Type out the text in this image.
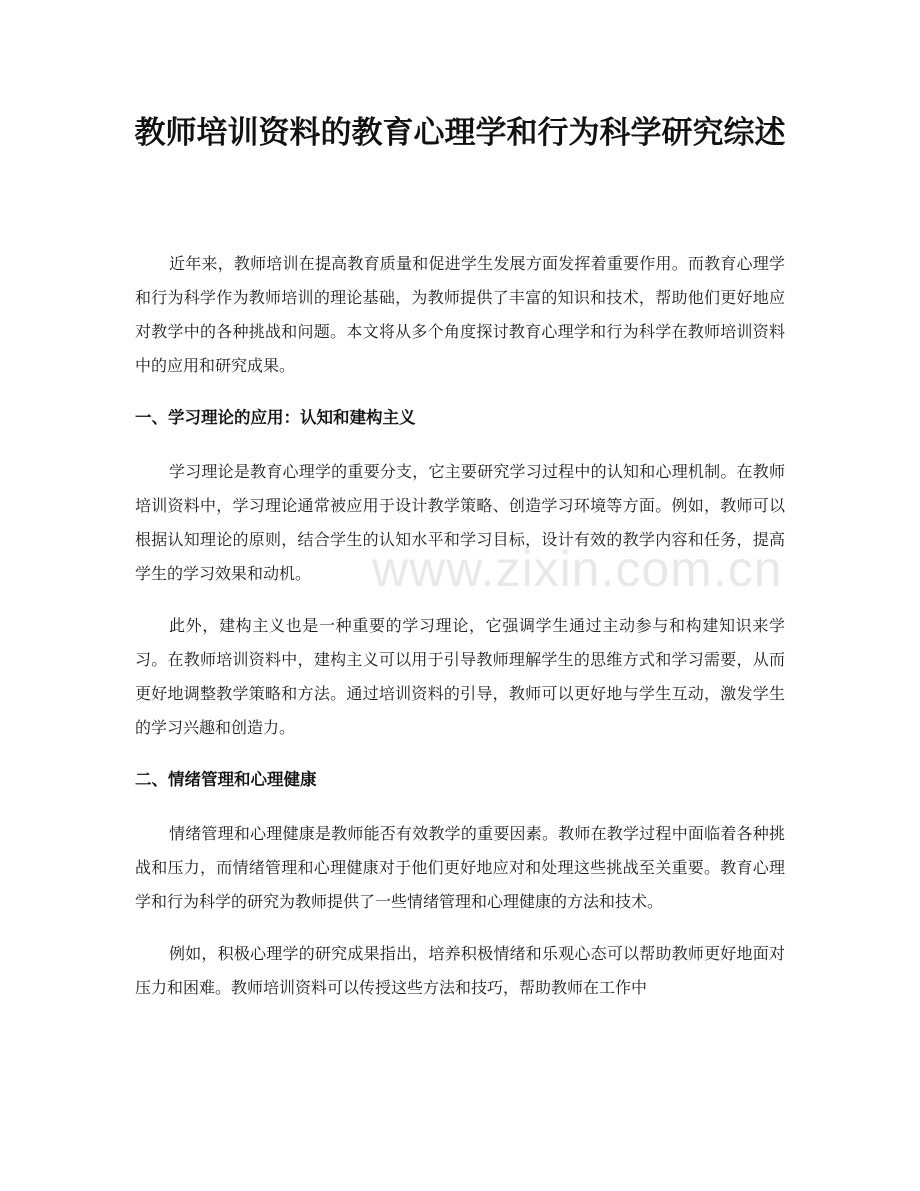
教师培训资料的教育心理学和行为科学研究综述

近年来，教师培训在提高教育质量和促进学生发展方面发挥着重要作用。而教育心理学和行为科学作为教师培训的理论基础，为教师提供了丰富的知识和技术，帮助他们更好地应对教学中的各种挑战和问题。本文将从多个角度探讨教育心理学和行为科学在教师培训资料中的应用和研究成果。

一、学习理论的应用：认知和建构主义

学习理论是教育心理学的重要分支，它主要研究学习过程中的认知和心理机制。在教师培训资料中，学习理论通常被应用于设计教学策略、创造学习环境等方面。例如，教师可以根据认知理论的原则，结合学生的认知水平和学习目标，设计有效的教学内容和任务，提高学生的学习效果和动机。

此外，建构主义也是一种重要的学习理论，它强调学生通过主动参与和构建知识来学习。在教师培训资料中，建构主义可以用于引导教师理解学生的思维方式和学习需要，从而更好地调整教学策略和方法。通过培训资料的引导，教师可以更好地与学生互动，激发学生的学习兴趣和创造力。

二、情绪管理和心理健康

情绪管理和心理健康是教师能否有效教学的重要因素。教师在教学过程中面临着各种挑战和压力，而情绪管理和心理健康对于他们更好地应对和处理这些挑战至关重要。教育心理学和行为科学的研究为教师提供了一些情绪管理和心理健康的方法和技术。

例如，积极心理学的研究成果指出，培养积极情绪和乐观心态可以帮助教师更好地面对压力和困难。教师培训资料可以传授这些方法和技巧，帮助教师在工作中

www.zixin.com.cn
